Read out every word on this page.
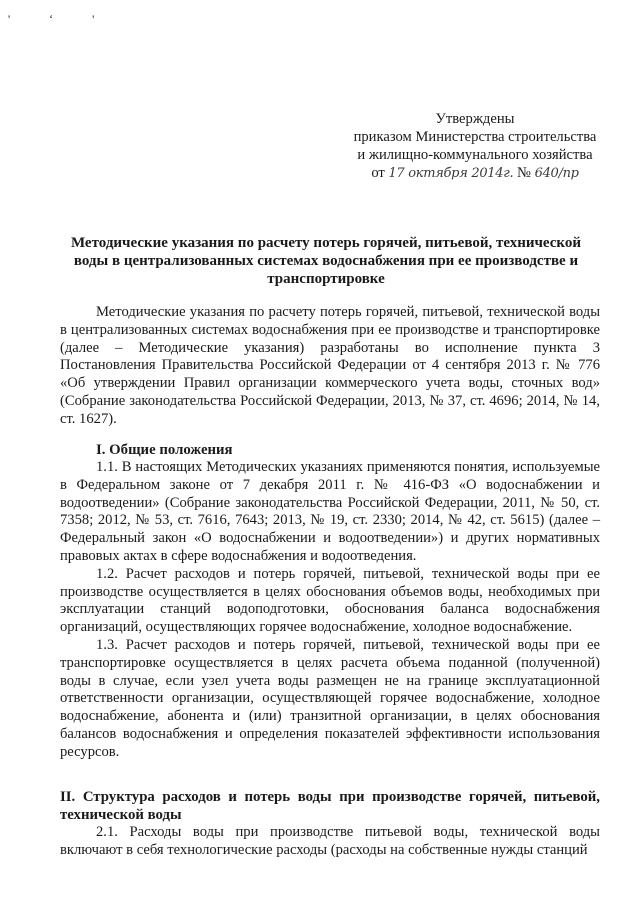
' ‘ '
Утверждены
приказом Министерства строительства
и жилищно-коммунального хозяйства
от 17 октября 2014г. № 640/пр
Методические указания по расчету потерь горячей, питьевой, технической воды в централизованных системах водоснабжения при ее производстве и транспортировке

Методические указания по расчету потерь горячей, питьевой, технической воды в централизованных системах водоснабжения при ее производстве и транспортировке (далее – Методические указания) разработаны во исполнение пункта 3 Постановления Правительства Российской Федерации от 4 сентября 2013 г. № 776 «Об утверждении Правил организации коммерческого учета воды, сточных вод» (Собрание законодательства Российской Федерации, 2013, № 37, ст. 4696; 2014, № 14, ст. 1627).

I. Общие положения

1.1. В настоящих Методических указаниях применяются понятия, используемые в Федеральном законе от 7 декабря 2011 г. № 416-ФЗ «О водоснабжении и водоотведении» (Собрание законодательства Российской Федерации, 2011, № 50, ст. 7358; 2012, № 53, ст. 7616, 7643; 2013, № 19, ст. 2330; 2014, № 42, ст. 5615) (далее – Федеральный закон «О водоснабжении и водоотведении») и других нормативных правовых актах в сфере водоснабжения и водоотведения.

1.2. Расчет расходов и потерь горячей, питьевой, технической воды при ее производстве осуществляется в целях обоснования объемов воды, необходимых при эксплуатации станций водоподготовки, обоснования баланса водоснабжения организаций, осуществляющих горячее водоснабжение, холодное водоснабжение.

1.3. Расчет расходов и потерь горячей, питьевой, технической воды при ее транспортировке осуществляется в целях расчета объема поданной (полученной) воды в случае, если узел учета воды размещен не на границе эксплуатационной ответственности организации, осуществляющей горячее водоснабжение, холодное водоснабжение, абонента и (или) транзитной организации, в целях обоснования балансов водоснабжения и определения показателей эффективности использования ресурсов.

II. Структура расходов и потерь воды при производстве горячей, питьевой, технической воды

2.1. Расходы воды при производстве питьевой воды, технической воды включают в себя технологические расходы (расходы на собственные нужды станций
